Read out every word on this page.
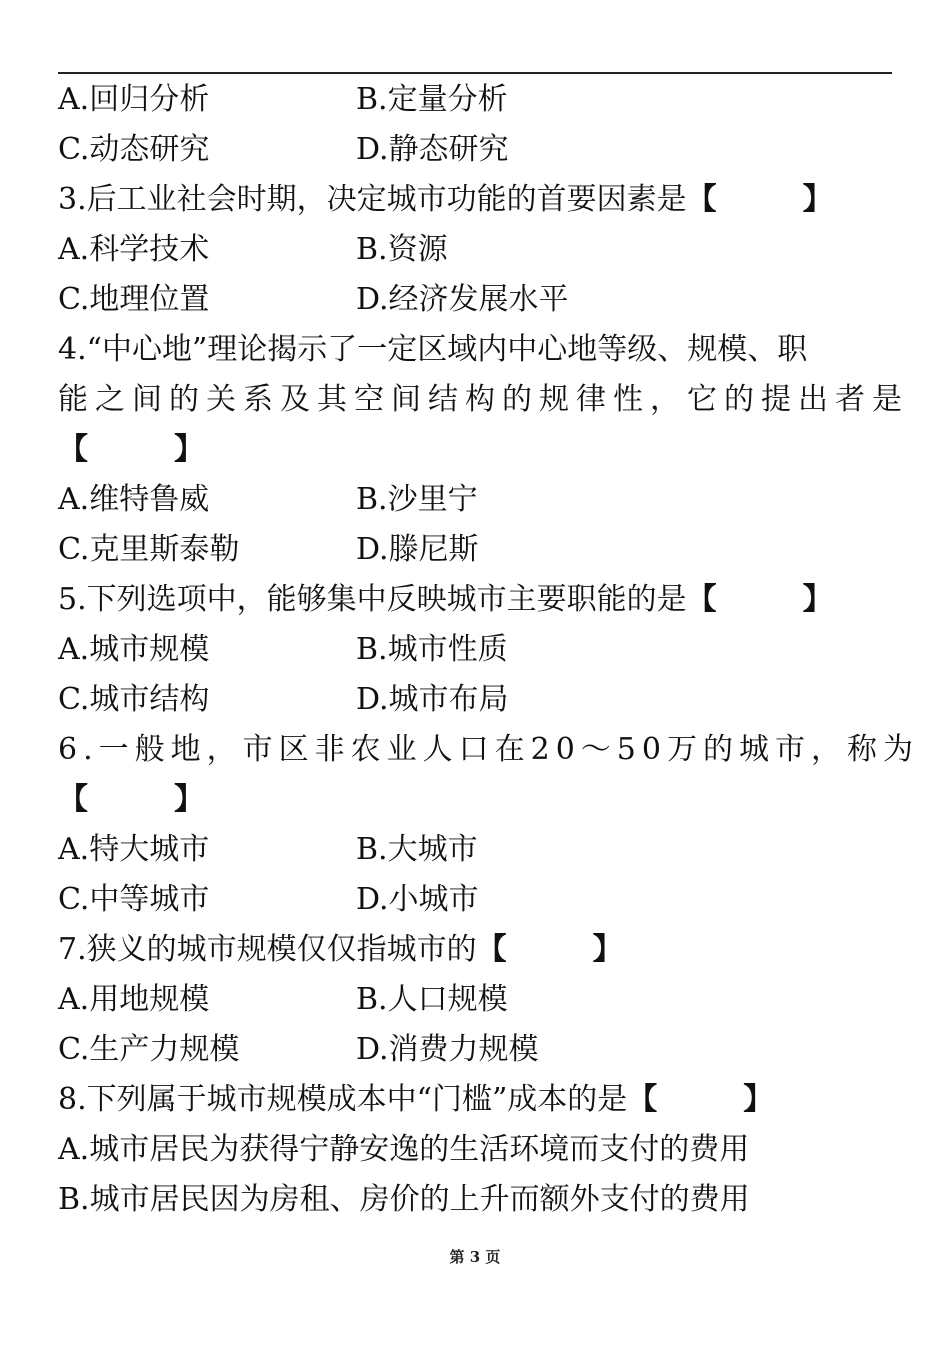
A.回归分析	B.定量分析
C.动态研究	D.静态研究
3.后工业社会时期，决定城市功能的首要因素是 【	】
A.科学技术	B.资源
C.地理位置	D.经济发展水平
4.“中心地”理论揭示了一定区域内中心地等级、规模、职
能之间的关系及其空间结构的规律性，它的提出者是
【	】
A.维特鲁威	B.沙里宁
C.克里斯泰勒	D.滕尼斯
5.下列选项中，能够集中反映城市主要职能的是 【	】
A.城市规模	B.城市性质
C.城市结构	D.城市布局
6.一般地，市区非农业人口在20～50万的城市，称为
【	】
A.特大城市	B.大城市
C.中等城市	D.小城市
7.狭义的城市规模仅仅指城市的 【	】
A.用地规模	B.人口规模
C.生产力规模	D.消费力规模
8.下列属于城市规模成本中“门槛”成本的是 【	】
A.城市居民为获得宁静安逸的生活环境而支付的费用
B.城市居民因为房租、房价的上升而额外支付的费用
第 3 页
